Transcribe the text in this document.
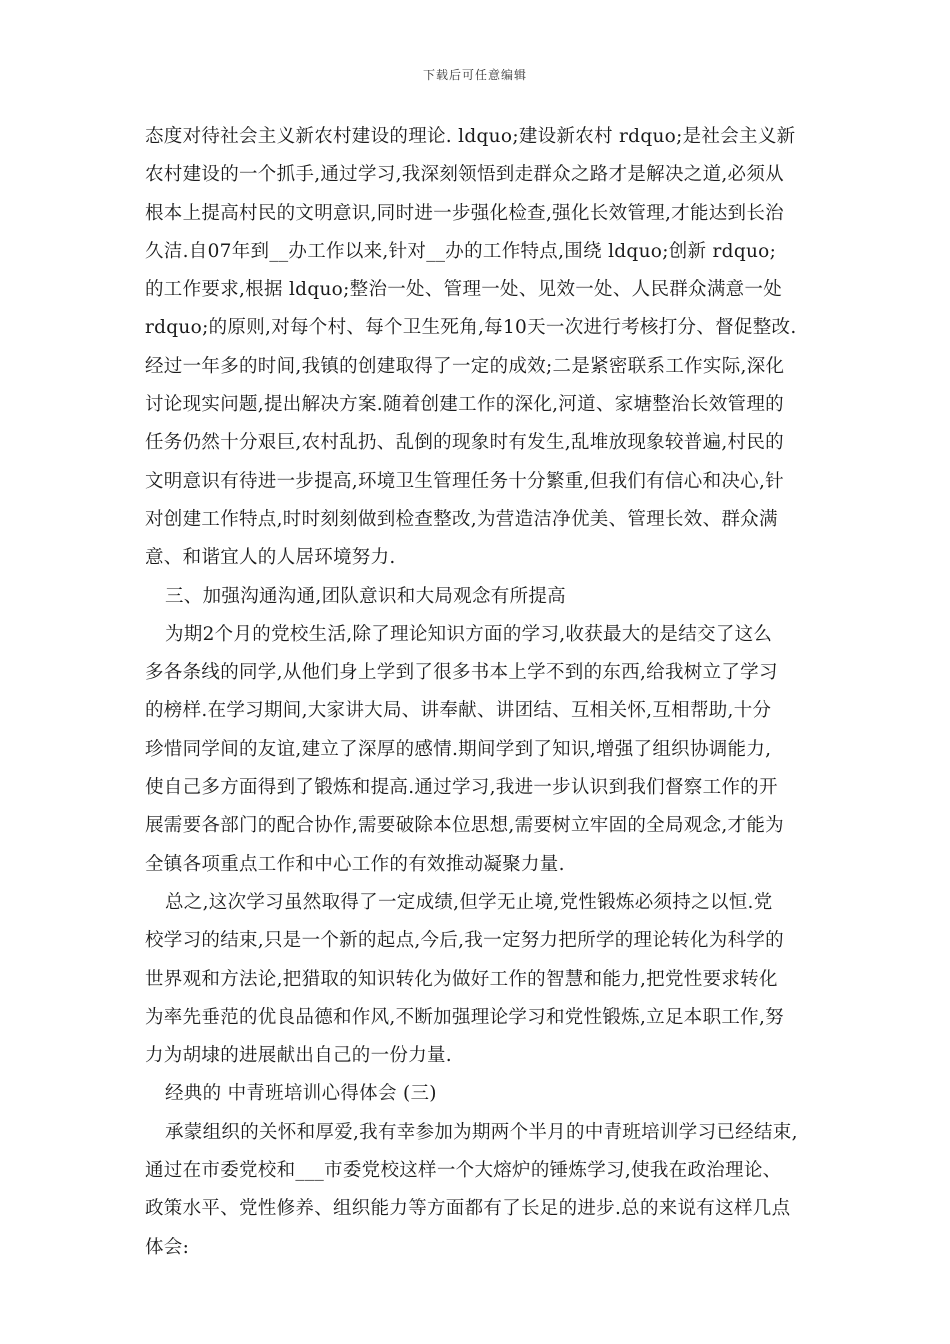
下载后可任意编辑
态度对待社会主义新农村建设的理论. ldquo;建设新农村 rdquo;是社会主义新
农村建设的一个抓手,通过学习,我深刻领悟到走群众之路才是解决之道,必须从
根本上提高村民的文明意识,同时进一步强化检查,强化长效管理,才能达到长治
久洁.自07年到__办工作以来,针对__办的工作特点,围绕 ldquo;创新 rdquo;
的工作要求,根据 ldquo;整治一处、管理一处、见效一处、人民群众满意一处
rdquo;的原则,对每个村、每个卫生死角,每10天一次进行考核打分、督促整改.
经过一年多的时间,我镇的创建取得了一定的成效;二是紧密联系工作实际,深化
讨论现实问题,提出解决方案.随着创建工作的深化,河道、家塘整治长效管理的
任务仍然十分艰巨,农村乱扔、乱倒的现象时有发生,乱堆放现象较普遍,村民的
文明意识有待进一步提高,环境卫生管理任务十分繁重,但我们有信心和决心,针
对创建工作特点,时时刻刻做到检查整改,为营造洁净优美、管理长效、群众满
意、和谐宜人的人居环境努力.
三、加强沟通沟通,团队意识和大局观念有所提高
为期2个月的党校生活,除了理论知识方面的学习,收获最大的是结交了这么
多各条线的同学,从他们身上学到了很多书本上学不到的东西,给我树立了学习
的榜样.在学习期间,大家讲大局、讲奉献、讲团结、互相关怀,互相帮助,十分
珍惜同学间的友谊,建立了深厚的感情.期间学到了知识,增强了组织协调能力,
使自己多方面得到了锻炼和提高.通过学习,我进一步认识到我们督察工作的开
展需要各部门的配合协作,需要破除本位思想,需要树立牢固的全局观念,才能为
全镇各项重点工作和中心工作的有效推动凝聚力量.
总之,这次学习虽然取得了一定成绩,但学无止境,党性锻炼必须持之以恒.党
校学习的结束,只是一个新的起点,今后,我一定努力把所学的理论转化为科学的
世界观和方法论,把猎取的知识转化为做好工作的智慧和能力,把党性要求转化
为率先垂范的优良品德和作风,不断加强理论学习和党性锻炼,立足本职工作,努
力为胡埭的进展献出自己的一份力量.
经典的 中青班培训心得体会 (三)
承蒙组织的关怀和厚爱,我有幸参加为期两个半月的中青班培训学习已经结束,
通过在市委党校和___市委党校这样一个大熔炉的锤炼学习,使我在政治理论、
政策水平、党性修养、组织能力等方面都有了长足的进步.总的来说有这样几点
体会:
